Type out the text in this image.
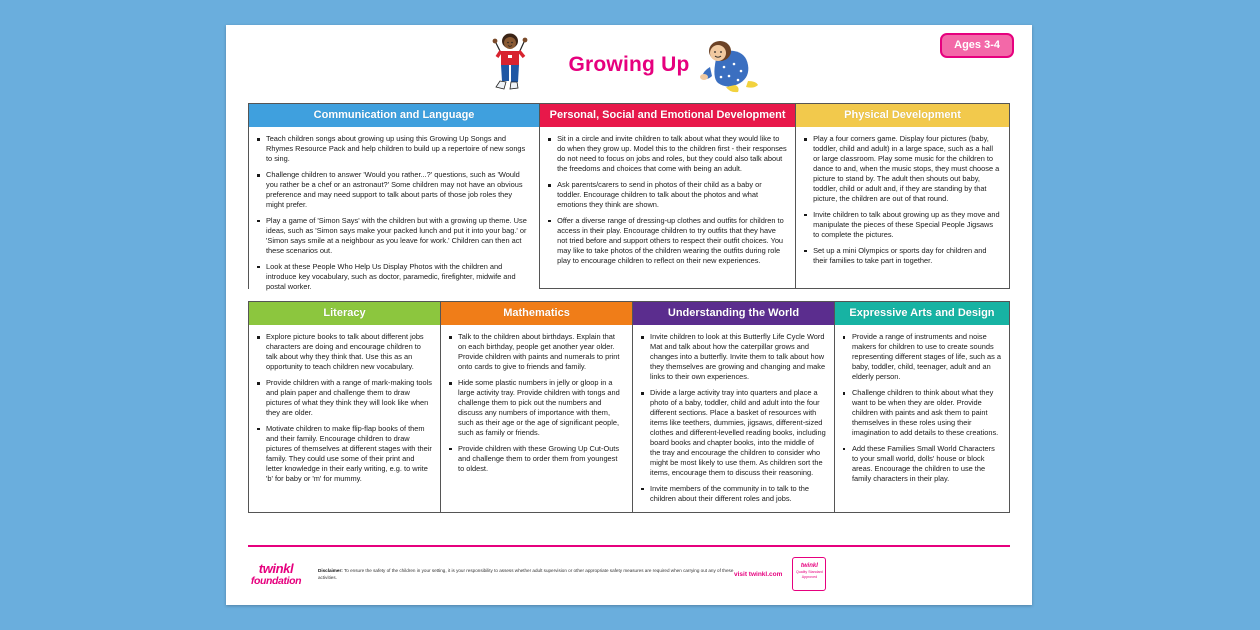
Growing Up
Ages 3-4
Communication and Language
Teach children songs about growing up using this Growing Up Songs and Rhymes Resource Pack and help children to build up a repertoire of new songs to sing.
Challenge children to answer 'Would you rather...?' questions, such as 'Would you rather be a chef or an astronaut?' Some children may not have an obvious preference and may need support to talk about parts of those job roles they might prefer.
Play a game of 'Simon Says' with the children but with a growing up theme. Use ideas, such as 'Simon says make your packed lunch and put it into your bag.' or 'Simon says smile at a neighbour as you leave for work.' Children can then act these scenarios out.
Look at these People Who Help Us Display Photos with the children and introduce key vocabulary, such as doctor, paramedic, firefighter, midwife and postal worker.
Personal, Social and Emotional Development
Sit in a circle and invite children to talk about what they would like to do when they grow up. Model this to the children first - their responses do not need to focus on jobs and roles, but they could also talk about the freedoms and choices that come with being an adult.
Ask parents/carers to send in photos of their child as a baby or toddler. Encourage children to talk about the photos and what emotions they think are shown.
Offer a diverse range of dressing-up clothes and outfits for children to access in their play. Encourage children to try outfits that they have not tried before and support others to respect their outfit choices. You may like to take photos of the children wearing the outfits during role play to encourage children to reflect on their new experiences.
Physical Development
Play a four corners game. Display four pictures (baby, toddler, child and adult) in a large space, such as a hall or large classroom. Play some music for the children to dance to and, when the music stops, they must choose a picture to stand by. The adult then shouts out baby, toddler, child or adult and, if they are standing by that picture, the children are out of that round.
Invite children to talk about growing up as they move and manipulate the pieces of these Special People Jigsaws to complete the pictures.
Set up a mini Olympics or sports day for children and their families to take part in together.
Literacy
Explore picture books to talk about different jobs characters are doing and encourage children to talk about why they think that. Use this as an opportunity to teach children new vocabulary.
Provide children with a range of mark-making tools and plain paper and challenge them to draw pictures of what they think they will look like when they are older.
Motivate children to make flip-flap books of them and their family. Encourage children to draw pictures of themselves at different stages with their family. They could use some of their print and letter knowledge in their early writing, e.g. to write 'b' for baby or 'm' for mummy.
Mathematics
Talk to the children about birthdays. Explain that on each birthday, people get another year older. Provide children with paints and numerals to print onto cards to give to friends and family.
Hide some plastic numbers in jelly or gloop in a large activity tray. Provide children with tongs and challenge them to pick out the numbers and discuss any numbers of importance with them, such as their age or the age of significant people, such as family or friends.
Provide children with these Growing Up Cut-Outs and challenge them to order them from youngest to oldest.
Understanding the World
Invite children to look at this Butterfly Life Cycle Word Mat and talk about how the caterpillar grows and changes into a butterfly. Invite them to talk about how they themselves are growing and changing and make links to their own experiences.
Divide a large activity tray into quarters and place a photo of a baby, toddler, child and adult into the four different sections. Place a basket of resources with items like teethers, dummies, jigsaws, different-sized clothes and different-levelled reading books, including board books and chapter books, into the middle of the tray and encourage the children to consider who might be most likely to use them. As children sort the items, encourage them to discuss their reasoning.
Invite members of the community in to talk to the children about their different roles and jobs.
Expressive Arts and Design
Provide a range of instruments and noise makers for children to use to create sounds representing different stages of life, such as a baby, toddler, child, teenager, adult and an elderly person.
Challenge children to think about what they want to be when they are older. Provide children with paints and ask them to paint themselves in these roles using their imagination to add details to these creations.
Add these Families Small World Characters to your small world, dolls' house or block areas. Encourage the children to use the family characters in their play.
twinkl
foundation
Disclaimer: To ensure the safety of the children in your setting, it is your responsibility to assess whether adult supervision or other appropriate safety measures are required when carrying out any of these activities.	visit twinkl.com
twinkl
Quality Standard Approved
